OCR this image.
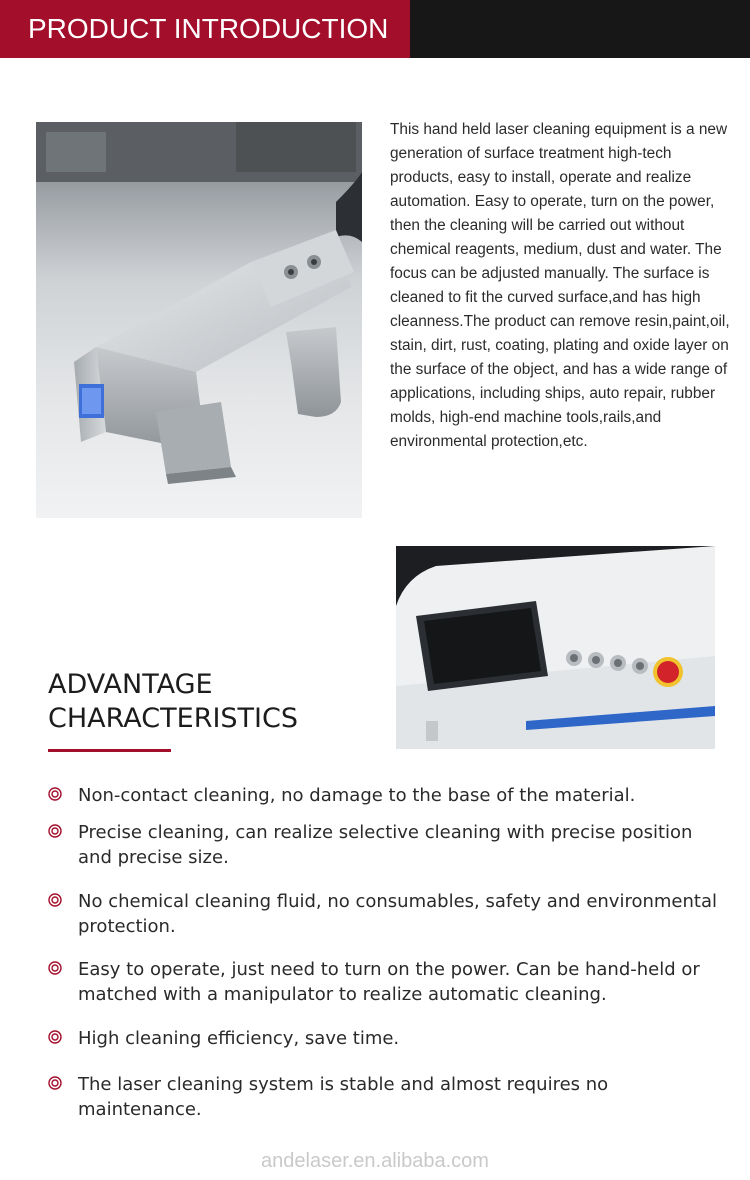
PRODUCT INTRODUCTION

This hand held laser cleaning equipment is a new generation of surface treatment high-tech products, easy to install, operate and realize automation. Easy to operate, turn on the power, then the cleaning will be carried out without chemical reagents, medium, dust and water. The focus can be adjusted manually. The surface is cleaned to fit the curved surface,and has high cleanness.The product can remove resin,paint,oil, stain, dirt, rust, coating, plating and oxide layer on the surface of the object, and has a wide range of applications, including ships, auto repair, rubber molds, high-end machine tools,rails,and environmental protection,etc.

ADVANTAGE
CHARACTERISTICS
Non-contact cleaning, no damage to the base of the material.
Precise cleaning, can realize selective cleaning with precise position and precise size.
No chemical cleaning fluid, no consumables, safety and environmental protection.
Easy to operate, just need to turn on the power. Can be hand-held or matched with a manipulator to realize automatic cleaning.
High cleaning efficiency, save time.
The laser cleaning system is stable and almost requires no maintenance.
andelaser.en.alibaba.com
